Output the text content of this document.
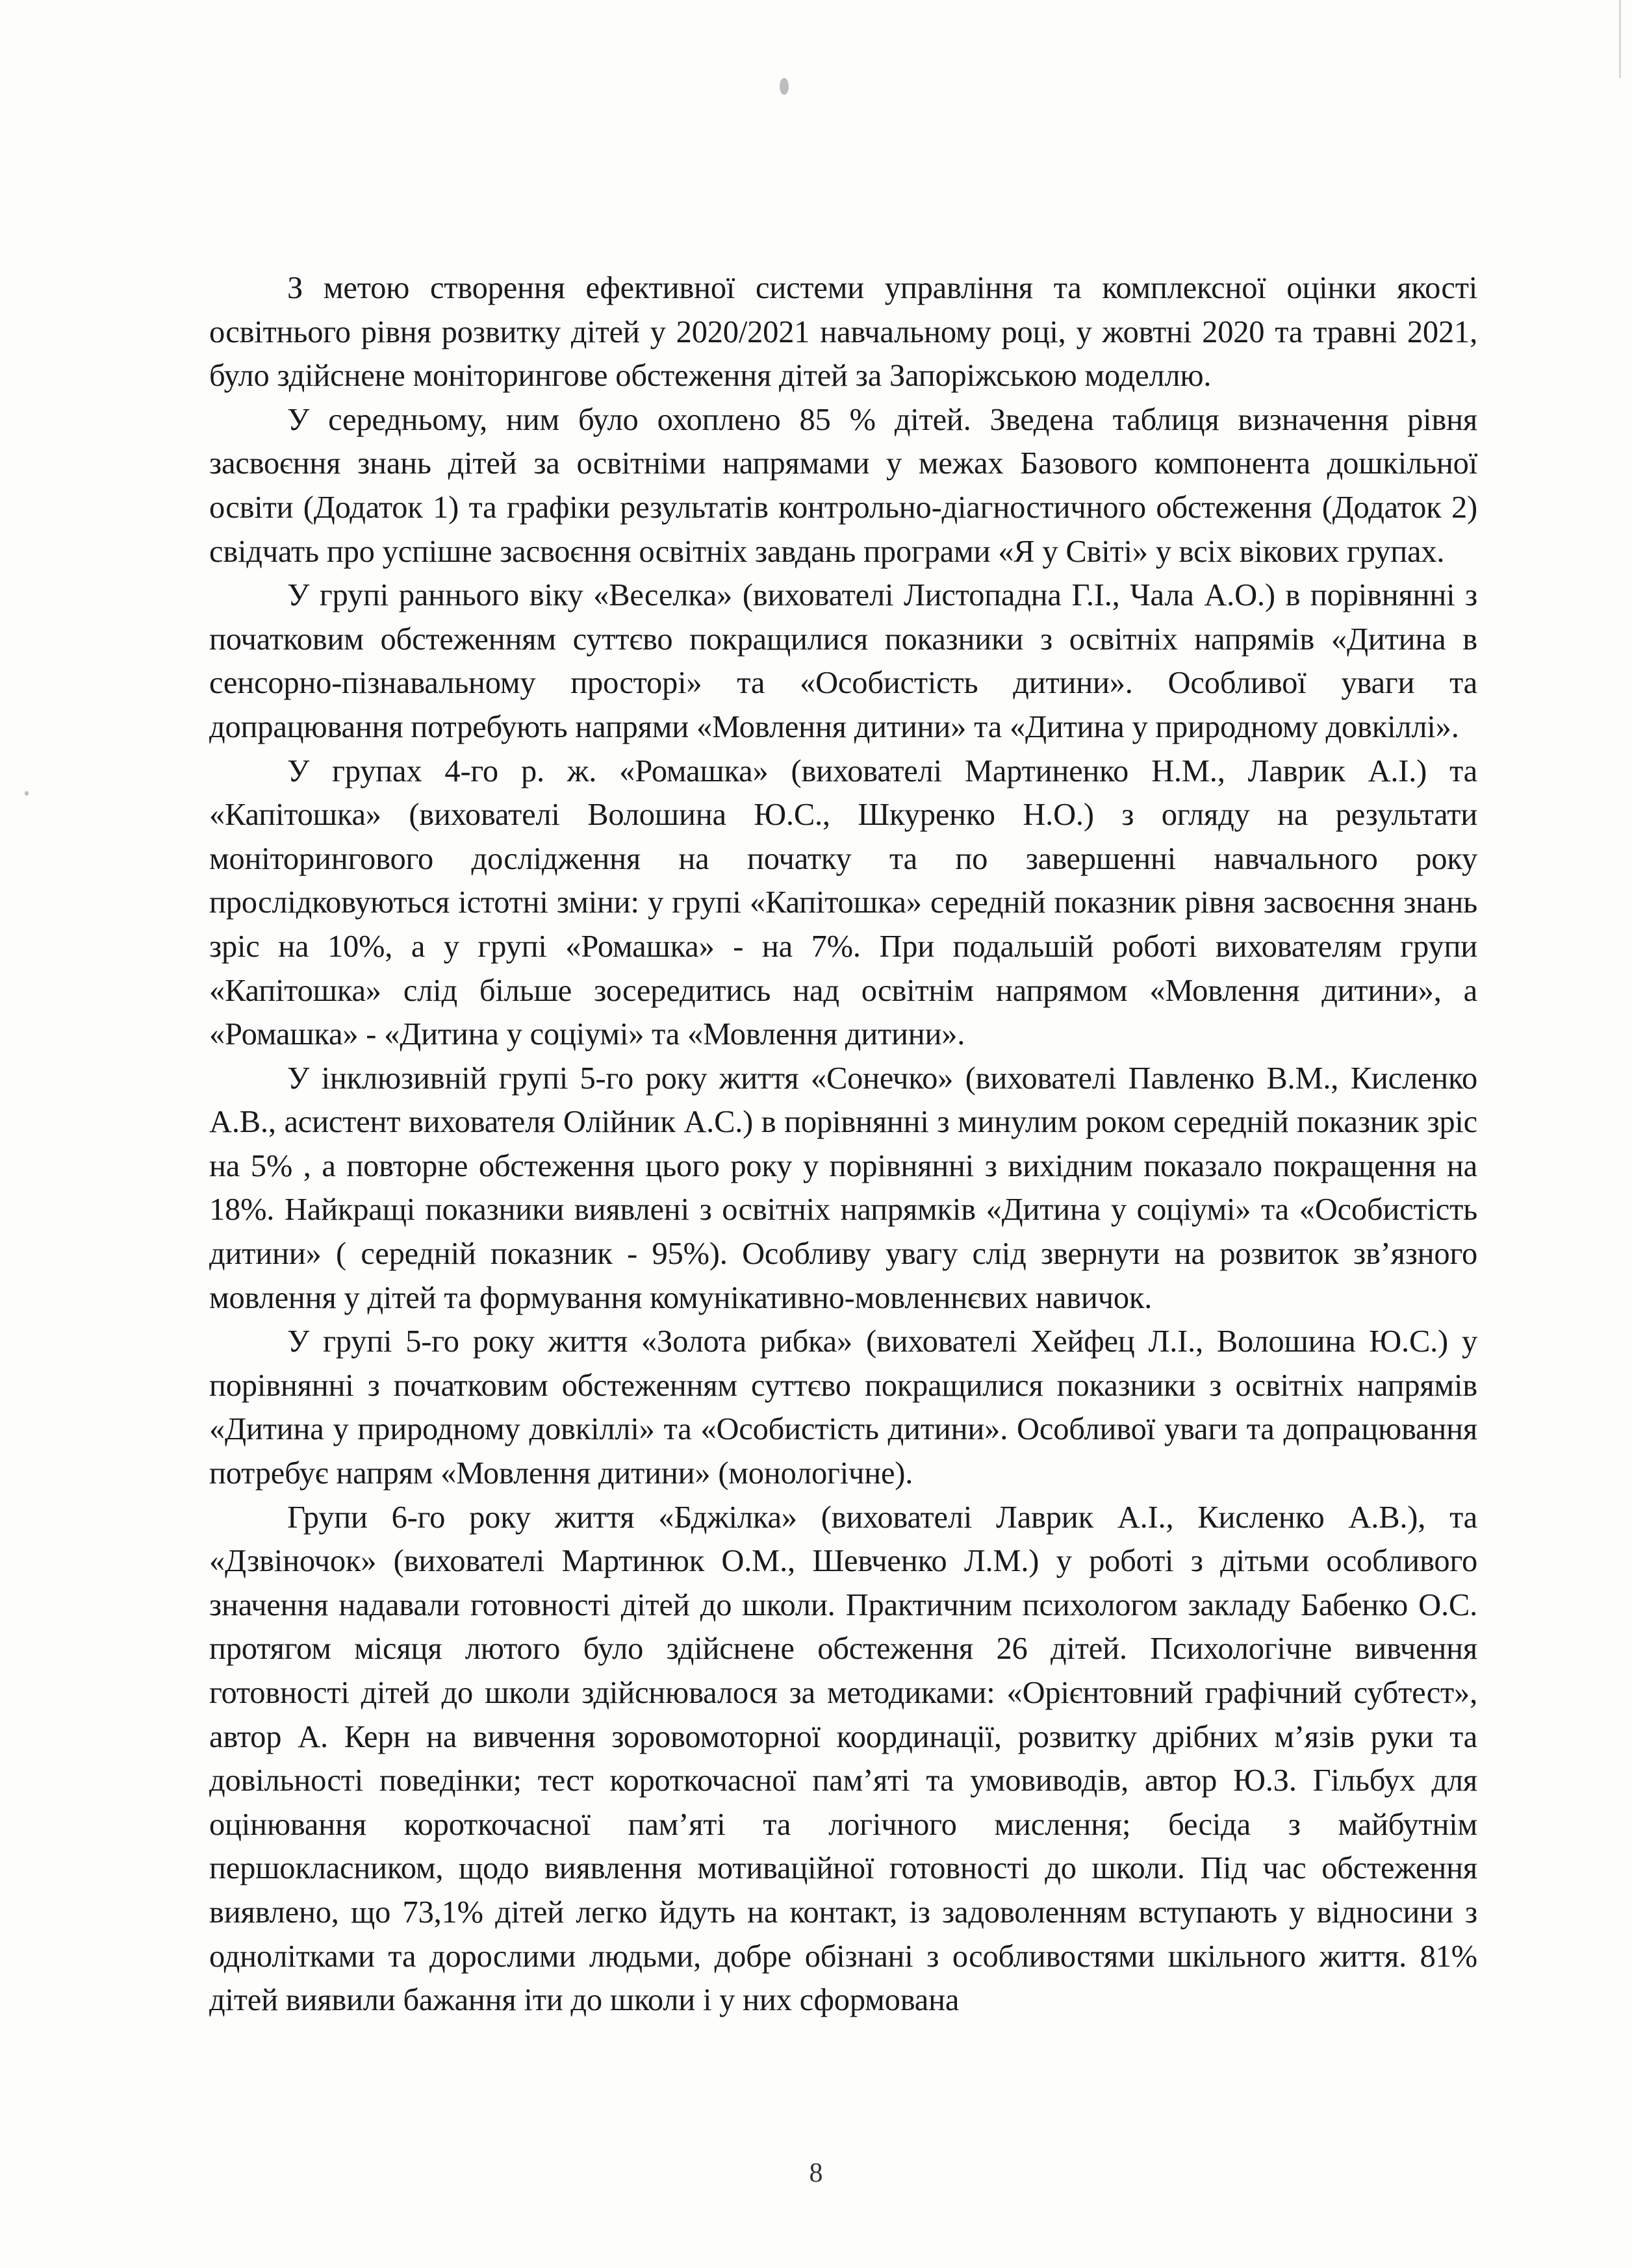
З метою створення ефективної системи управління та комплексної оцінки якості освітнього рівня розвитку дітей у 2020/2021 навчальному році, у жовтні 2020 та травні 2021, було здійснене моніторингове обстеження дітей за Запоріжською моделлю.

У середньому, ним було охоплено 85 % дітей. Зведена таблиця визначення рівня засвоєння знань дітей за освітніми напрямами у межах Базового компонента дошкільної освіти (Додаток 1) та графіки результатів контрольно-діагностичного обстеження (Додаток 2) свідчать про успішне засвоєння освітніх завдань програми «Я у Світі» у всіх вікових групах.

У групі раннього віку «Веселка» (вихователі Листопадна Г.І., Чала А.О.) в порівнянні з початковим обстеженням суттєво покращилися показники з освітніх напрямів «Дитина в сенсорно-пізнавальному просторі» та «Особистість дитини». Особливої уваги та допрацювання потребують напрями «Мовлення дитини» та «Дитина у природному довкіллі».

У групах 4-го р. ж. «Ромашка» (вихователі Мартиненко Н.М., Лаврик А.І.) та «Капітошка» (вихователі Волошина Ю.С., Шкуренко Н.О.) з огляду на результати моніторингового дослідження на початку та по завершенні навчального року прослідковуються істотні зміни: у групі «Капітошка» середній показник рівня засвоєння знань зріс на 10%, а у групі «Ромашка» - на 7%. При подальшій роботі вихователям групи «Капітошка» слід більше зосередитись над освітнім напрямом «Мовлення дитини», а «Ромашка» - «Дитина у соціумі» та «Мовлення дитини».

У інклюзивній групі 5-го року життя «Сонечко» (вихователі Павленко В.М., Кисленко А.В., асистент вихователя Олійник А.С.) в порівнянні з минулим роком середній показник зріс на 5% , а повторне обстеження цього року у порівнянні з вихідним показало покращення на 18%. Найкращі показники виявлені з освітніх напрямків «Дитина у соціумі» та «Особистість дитини» ( середній показник - 95%). Особливу увагу слід звернути на розвиток зв’язного мовлення у дітей та формування комунікативно-мовленнєвих навичок.

У групі 5-го року життя «Золота рибка» (вихователі Хейфец Л.І., Волошина Ю.С.) у порівнянні з початковим обстеженням суттєво покращилися показники з освітніх напрямів «Дитина у природному довкіллі» та «Особистість дитини». Особливої уваги та допрацювання потребує напрям «Мовлення дитини» (монологічне).

Групи 6-го року життя «Бджілка» (вихователі Лаврик А.І., Кисленко А.В.), та «Дзвіночок» (вихователі Мартинюк О.М., Шевченко Л.М.) у роботі з дітьми особливого значення надавали готовності дітей до школи. Практичним психологом закладу Бабенко О.С. протягом місяця лютого було здійснене обстеження 26 дітей. Психологічне вивчення готовності дітей до школи здійснювалося за методиками: «Орієнтовний графічний субтест», автор А. Керн на вивчення зоровомоторної координації, розвитку дрібних м’язів руки та довільності поведінки; тест короткочасної пам’яті та умовиводів, автор Ю.З. Гільбух для оцінювання короткочасної пам’яті та логічного мислення; бесіда з майбутнім першокласником, щодо виявлення мотиваційної готовності до школи. Під час обстеження виявлено, що 73,1% дітей легко йдуть на контакт, із задоволенням вступають у відносини з однолітками та дорослими людьми, добре обізнані з особливостями шкільного життя. 81% дітей виявили бажання іти до школи і у них сформована

8
